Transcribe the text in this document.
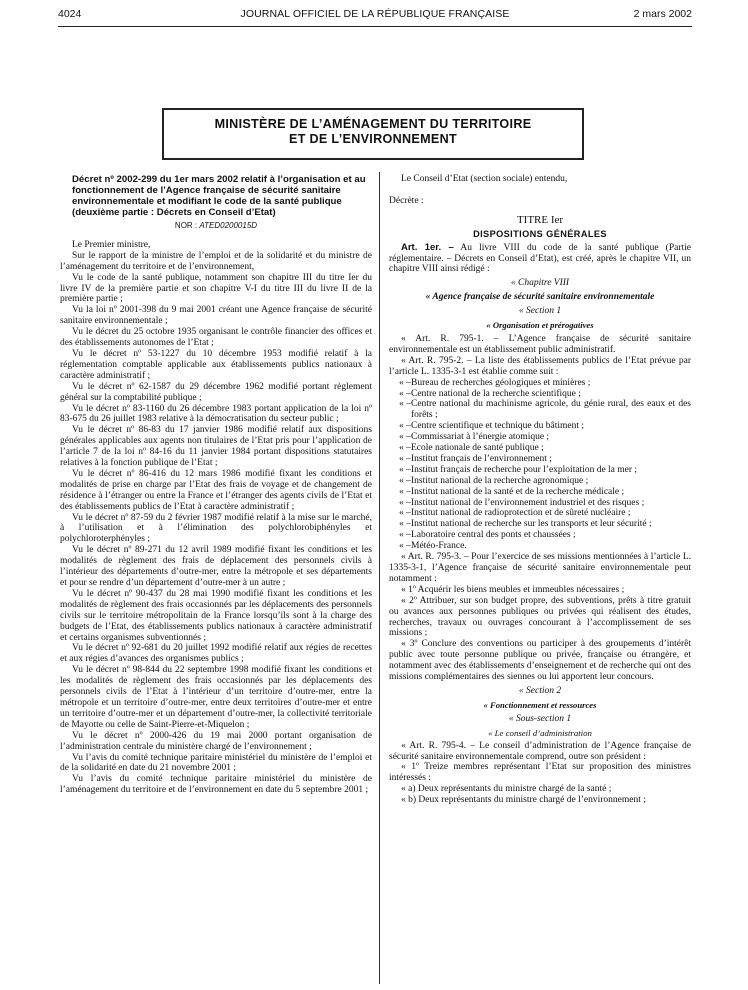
4024	JOURNAL OFFICIEL DE LA RÉPUBLIQUE FRANÇAISE	2 mars 2002
MINISTÈRE DE L’AMÉNAGEMENT DU TERRITOIRE
ET DE L’ENVIRONNEMENT
Décret nº 2002-299 du 1er mars 2002 relatif à l’organisation et au fonctionnement de l’Agence française de sécurité sanitaire environnementale et modifiant le code de la santé publique (deuxième partie : Décrets en Conseil d’Etat)
NOR : ATED0200015D

Le Premier ministre,

Sur le rapport de la ministre de l’emploi et de la solidarité et du ministre de l’aménagement du territoire et de l’environnement,

Vu le code de la santé publique, notamment son chapitre III du titre Ier du livre IV de la première partie et son chapitre V-I du titre III du livre II de la première partie ;

Vu la loi nº 2001-398 du 9 mai 2001 créant une Agence française de sécurité sanitaire environnementale ;

Vu le décret du 25 octobre 1935 organisant le contrôle financier des offices et des établissements autonomes de l’Etat ;

Vu le décret nº 53-1227 du 10 décembre 1953 modifié relatif à la réglementation comptable applicable aux établissements publics nationaux à caractère administratif ;

Vu le décret nº 62-1587 du 29 décembre 1962 modifié portant règlement général sur la comptabilité publique ;

Vu le décret nº 83-1160 du 26 décembre 1983 portant application de la loi nº 83-675 du 26 juillet 1983 relative à la démocratisation du secteur public ;

Vu le décret nº 86-83 du 17 janvier 1986 modifié relatif aux dispositions générales applicables aux agents non titulaires de l’Etat pris pour l’application de l’article 7 de la loi nº 84-16 du 11 janvier 1984 portant dispositions statutaires relatives à la fonction publique de l’Etat ;

Vu le décret nº 86-416 du 12 mars 1986 modifié fixant les conditions et modalités de prise en charge par l’Etat des frais de voyage et de changement de résidence à l’étranger ou entre la France et l’étranger des agents civils de l’Etat et des établissements publics de l’Etat à caractère administratif ;

Vu le décret nº 87-59 du 2 février 1987 modifié relatif à la mise sur le marché, à l’utilisation et à l’élimination des polychlorobiphényles et polychloroterphényles ;

Vu le décret nº 89-271 du 12 avril 1989 modifié fixant les conditions et les modalités de règlement des frais de déplacement des personnels civils à l’intérieur des départements d’outre-mer, entre la métropole et ses départements et pour se rendre d’un département d’outre-mer à un autre ;

Vu le décret nº 90-437 du 28 mai 1990 modifié fixant les conditions et les modalités de règlement des frais occasionnés par les déplacements des personnels civils sur le territoire métropolitain de la France lorsqu’ils sont à la charge des budgets de l’Etat, des établissements publics nationaux à caractère administratif et certains organismes subventionnés ;

Vu le décret nº 92-681 du 20 juillet 1992 modifié relatif aux régies de recettes et aux régies d’avances des organismes publics ;

Vu le décret nº 98-844 du 22 septembre 1998 modifié fixant les conditions et les modalités de règlement des frais occasionnés par les déplacements des personnels civils de l’Etat à l’intérieur d’un territoire d’outre-mer, entre la métropole et un territoire d’outre-mer, entre deux territoires d’outre-mer et entre un territoire d’outre-mer et un département d’outre-mer, la collectivité territoriale de Mayotte ou celle de Saint-Pierre-et-Miquelon ;

Vu le décret nº 2000-426 du 19 mai 2000 portant organisation de l’administration centrale du ministère chargé de l’environnement ;

Vu l’avis du comité technique paritaire ministériel du ministère de l’emploi et de la solidarité en date du 21 novembre 2001 ;

Vu l’avis du comité technique paritaire ministériel du ministère de l’aménagement du territoire et de l’environnement en date du 5 septembre 2001 ;

Le Conseil d’Etat (section sociale) entendu,

Décrète :

TITRE Ier
DISPOSITIONS GÉNÉRALES

Art. 1er. – Au livre VIII du code de la santé publique (Partie réglementaire. – Décrets en Conseil d’Etat), est créé, après le chapitre VII, un chapitre VIII ainsi rédigé :

« Chapitre VIII
« Agence française de sécurité sanitaire environnementale
« Section 1
« Organisation et prérogatives

« Art. R. 795-1. – L’Agence française de sécurité sanitaire environnementale est un établissement public administratif.

« Art. R. 795-2. – La liste des établissements publics de l’Etat prévue par l’article L. 1335-3-1 est établie comme suit :

« – Bureau de recherches géologiques et minières ;

« – Centre national de la recherche scientifique ;

« – Centre national du machinisme agricole, du génie rural, des eaux et des forêts ;

« – Centre scientifique et technique du bâtiment ;

« – Commissariat à l’énergie atomique ;

« – Ecole nationale de santé publique ;

« – Institut français de l’environnement ;

« – Institut français de recherche pour l’exploitation de la mer ;

« – Institut national de la recherche agronomique ;

« – Institut national de la santé et de la recherche médicale ;

« – Institut national de l’environnement industriel et des risques ;

« – Institut national de radioprotection et de sûreté nucléaire ;

« – Institut national de recherche sur les transports et leur sécurité ;

« – Laboratoire central des ponts et chaussées ;

« – Météo-France.

« Art. R. 795-3. – Pour l’exercice de ses missions mentionnées à l’article L. 1335-3-1, l’Agence française de sécurité sanitaire environnementale peut notamment :

« 1º Acquérir les biens meubles et immeubles nécessaires ;

« 2º Attribuer, sur son budget propre, des subventions, prêts à titre gratuit ou avances aux personnes publiques ou privées qui réalisent des études, recherches, travaux ou ouvrages concourant à l’accomplissement de ses missions ;

« 3º Conclure des conventions ou participer à des groupements d’intérêt public avec toute personne publique ou privée, française ou étrangère, et notamment avec des établissements d’enseignement et de recherche qui ont des missions complémentaires des siennes ou lui apportent leur concours.

« Section 2
« Fonctionnement et ressources
« Sous-section 1
« Le conseil d’administration

« Art. R. 795-4. – Le conseil d’administration de l’Agence française de sécurité sanitaire environnementale comprend, outre son président :

« 1º Treize membres représentant l’Etat sur proposition des ministres intéressés :

« a) Deux représentants du ministre chargé de la santé ;

« b) Deux représentants du ministre chargé de l’environnement ;
